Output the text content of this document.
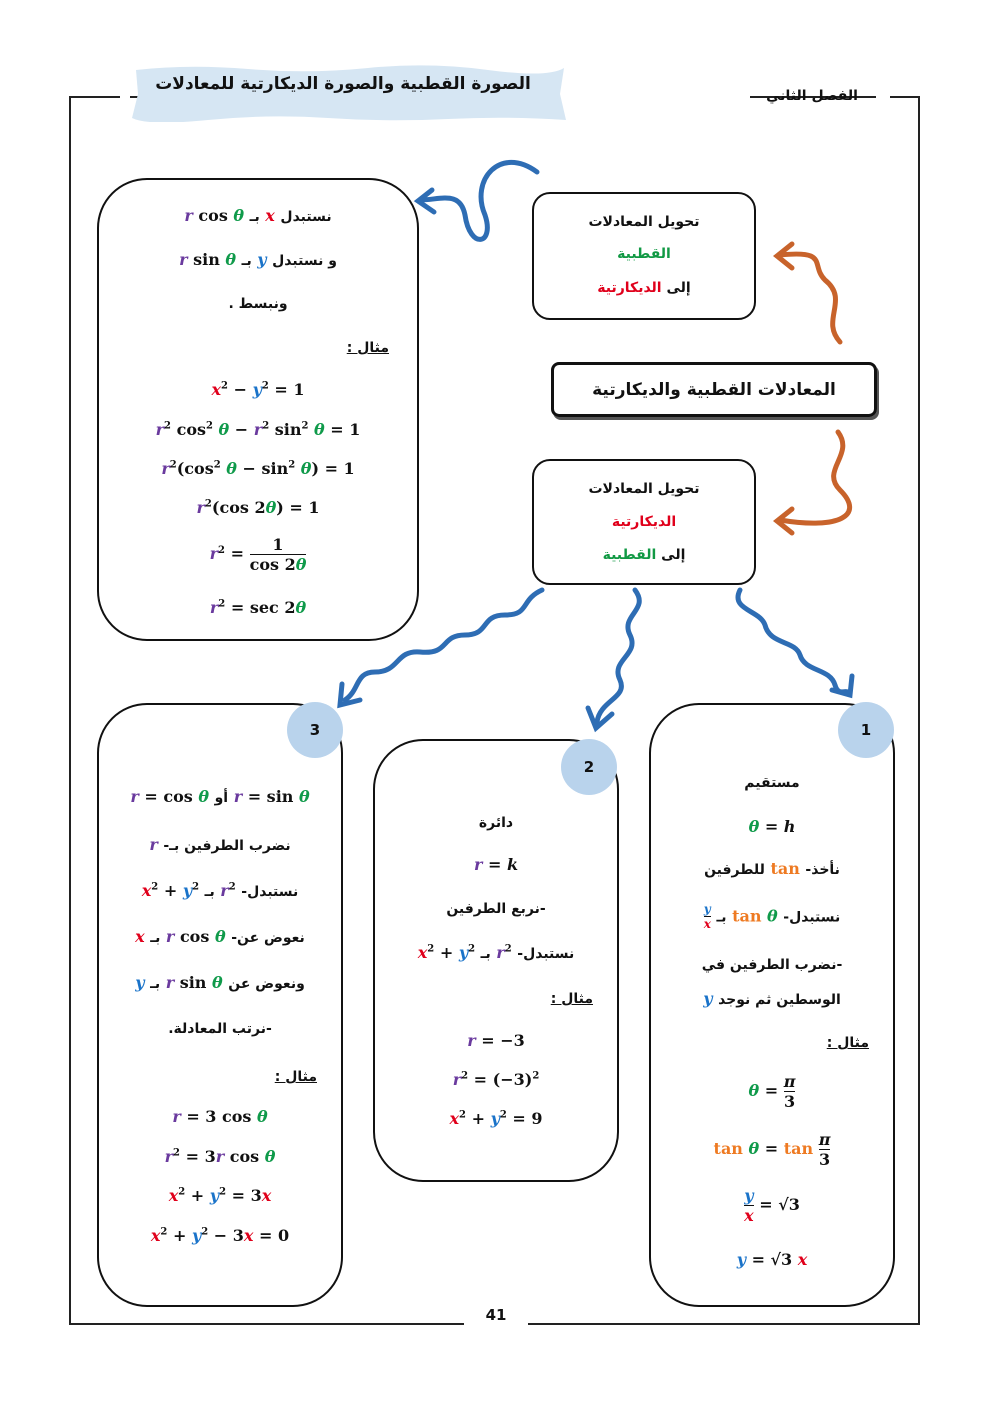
الصورة القطبية والصورة الديكارتية للمعادلات
الفصل الثاني
تحويل المعادلات
القطبية
إلى الديكارتية
المعادلات القطبية والديكارتية
تحويل المعادلات
الديكارتية
إلى القطبية
r cos θ بـ x نستبدل
r sin θ بـ y و نستبدل
ونبسط .
مثال :
$x^2 - y^2 = 1$
$r^2$ $\cos^2 \theta - r^2$ $\sin^2 \theta = 1$
$r^2(\cos^2$ $\theta - \sin^2 \theta) = 1$
$r^2(\cos$ 2θ) = 1
$r^2 = \frac{1}{\cos 2\theta}$
$r^2 = \sec 2\theta$
r = cos θ أو r = sin θ
r -نضرب الطرفين بـ
$x^2 + y^2$ بـ $r^2$ -نستبدل
x بـ r cos θ -نعوض عن
y بـ r sin θ ونعوض عن
-نرتب المعادلة.
مثال :
r = 3 cos θ
$r^2 = 3r$ cos θ
$x^2 + y^2 = 3x$
$x^2 + y^2 - 3x = 0$
3
دائرة
r = k
-نربع الطرفين
$x^2 + y^2$ بـ $r^2$ -نستبدل
مثال :
r = −3
$r^2 = (-3)^2$
$x^2 + y^2 = 9$
2
مستقيم
θ = h
للطرفين tan -نأخذ
$\frac{y}{x}$ بـ tan θ -نستبدل
-نضرب الطرفين في
y الوسطين ثم نوجد
مثال :
$\theta = \frac{\pi}{3}$
$\tan \theta = \tan \frac{\pi}{3}$
$\frac{y}{x} = √3$
y = √3 x
1
41
